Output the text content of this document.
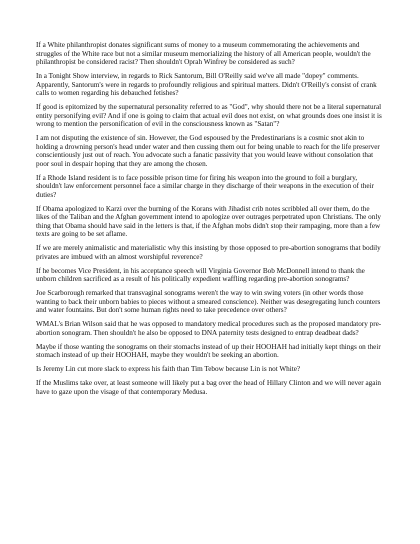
If a White philanthropist donates significant sums of money to a museum commemorating the achievements and struggles of the White race but not a similar museum memorializing the history of all American people, wouldn't the philanthropist be considered racist? Then shouldn't Oprah Winfrey be considered as such?

In a Tonight Show interview, in regards to Rick Santorum, Bill O'Reilly said we've all made "dopey" comments. Apparently, Santorum's were in regards to profoundly religious and spiritual matters. Didn't O'Reilly's consist of crank calls to women regarding his debauched fetishes?

If good is epitomized by the supernatural personality referred to as "God", why should there not be a literal supernatural entity personifying evil? And if one is going to claim that actual evil does not exist, on what grounds does one insist it is wrong to mention the personification of evil in the consciousness known as "Satan"?

I am not disputing the existence of sin. However, the God espoused by the Predestinarians is a cosmic snot akin to holding a drowning person's head under water and then cussing them out for being unable to reach for the life preserver conscientiously just out of reach. You advocate such a fanatic passivity that you would leave without consolation that poor soul in despair hoping that they are among the chosen.

If a Rhode Island resident is to face possible prison time for firing his weapon into the ground to foil a burglary, shouldn't law enforcement personnel face a similar charge in they discharge of their weapons in the execution of their duties?

If Obama apologized to Karzi over the burning of the Korans with Jihadist crib notes scribbled all over them, do the likes of the Taliban and the Afghan government intend to apologize over outrages perpetrated upon Christians. The only thing that Obama should have said in the letters is that, if the Afghan mobs didn't stop their rampaging, more than a few texts are going to be set aflame.

If we are merely animalistic and materialistic why this insisting by those opposed to pre-abortion sonograms that bodily privates are imbued with an almost worshipful reverence?

If he becomes Vice President, in his acceptance speech will Virginia Governor Bob McDonnell intend to thank the unborn children sacrificed as a result of his politically expedient waffling regarding pre-abortion sonograms?

Joe Scarborough remarked that transvaginal sonograms weren't the way to win swing voters (in other words those wanting to back their unborn babies to pieces without a smeared conscience). Neither was desegregating lunch counters and water fountains. But don't some human rights need to take precedence over others?

WMAL's Brian Wilson said that he was opposed to mandatory medical procedures such as the proposed mandatory pre-abortion sonogram. Then shouldn't he also be opposed to DNA paternity tests designed to entrap deadbeat dads?

Maybe if those wanting the sonograms on their stomachs instead of up their HOOHAH had initially kept things on their stomach instead of up their HOOHAH, maybe they wouldn't be seeking an abortion.

Is Jeremy Lin cut more slack to express his faith than Tim Tebow because Lin is not White?

If the Muslims take over, at least someone will likely put a bag over the head of Hillary Clinton and we will never again have to gaze upon the visage of that contemporary Medusa.
